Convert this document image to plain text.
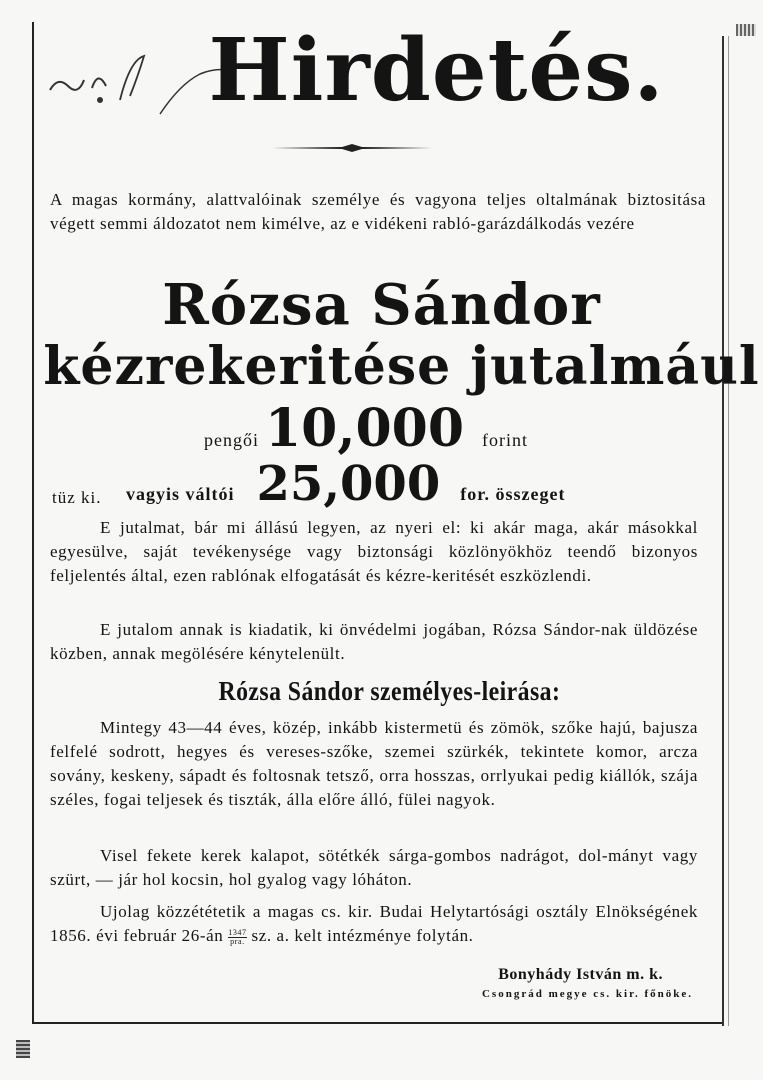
Hirdetés.
A magas kormány, alattvalóinak személye és vagyona teljes oltalmának biztositása végett semmi áldozatot nem kimélve, az e vidékeni rabló-garázdálkodás vezére
Rózsa Sándor
kézrekeritése jutalmául
pengői 10,000 forint
vagyis váltói 25,000 for. összeget
tüz ki.
E jutalmat, bár mi állású legyen, az nyeri el: ki akár maga, akár másokkal egyesülve, saját tevékenysége vagy biztonsági közlönyökhöz teendő bizonyos feljelentés által, ezen rablónak elfogatását és kézre-keritését eszközlendi.
E jutalom annak is kiadatik, ki önvédelmi jogában, Rózsa Sándor-nak üldözése közben, annak megölésére kénytelenült.
Rózsa Sándor személyes-leirása:
Mintegy 43—44 éves, közép, inkább kistermetü és zömök, szőke hajú, bajusza felfelé sodrott, hegyes és vereses-szőke, szemei szürkék, tekintete komor, arcza sovány, keskeny, sápadt és foltosnak tetsző, orra hosszas, orrlyukai pedig kiállók, szája széles, fogai teljesek és tiszták, álla előre álló, fülei nagyok.
Visel fekete kerek kalapot, sötétkék sárga-gombos nadrágot, dol-mányt vagy szürt, — jár hol kocsin, hol gyalog vagy lóháton.
Ujolag közzététetik a magas cs. kir. Budai Helytartósági osztály Elnökségének 1856. évi február 26-án $\frac{1347}{\text{pra.}}$ sz. a. kelt intézménye folytán.
Bonyhády István m. k.
Csongrád megye cs. kir. főnöke.
